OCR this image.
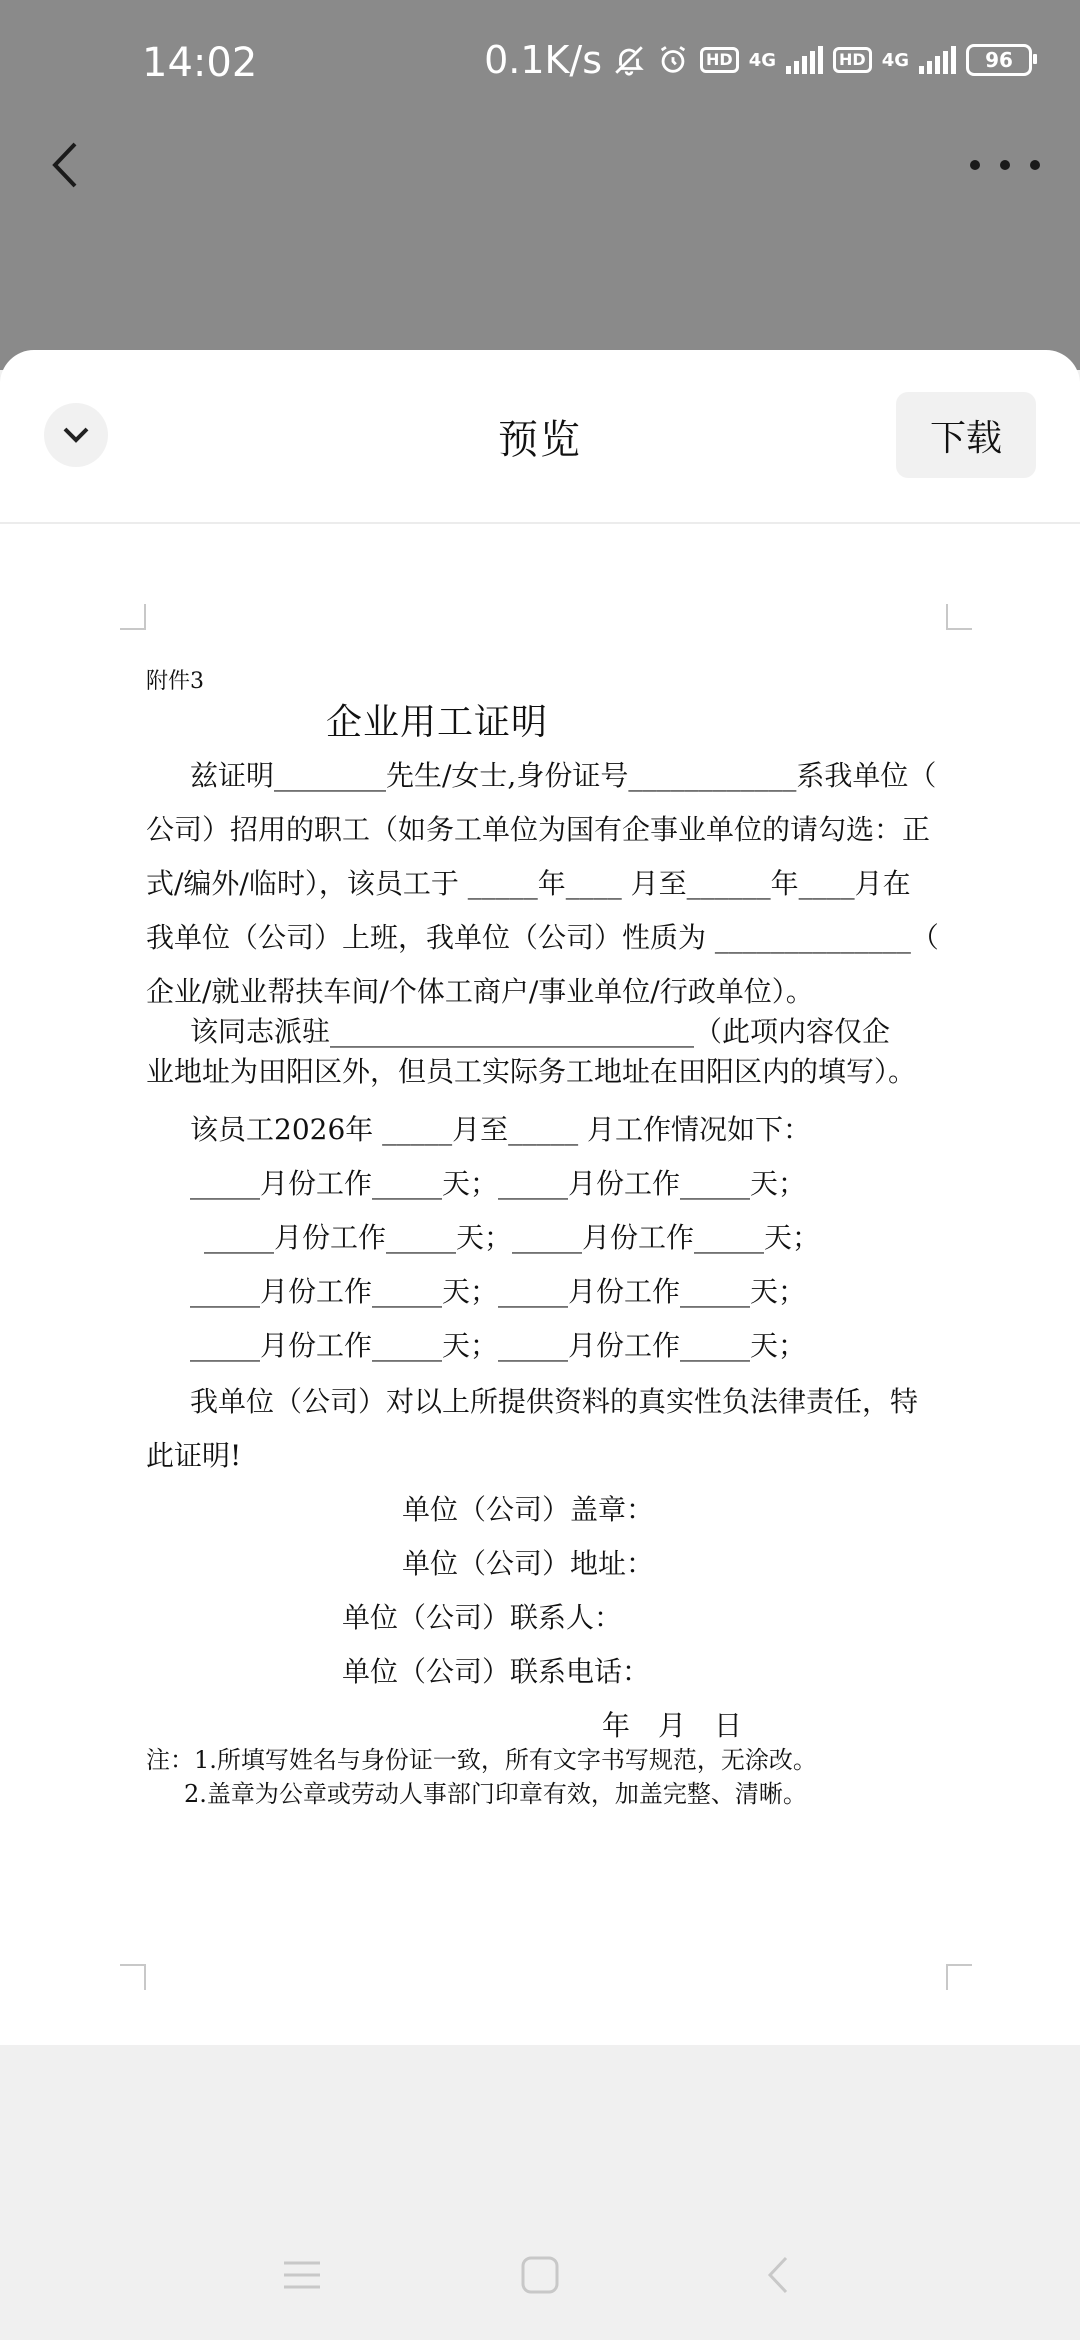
14:02	0.1K/s	HD 4G	HD 4G	96
预览	下载
附件3
企业用工证明
兹证明________先生/女士,身份证号____________系我单位（
公司）招用的职工（如务工单位为国有企事业单位的请勾选：正
式/编外/临时），该员工于 _____年____ 月至______年____月在
我单位（公司）上班，我单位（公司）性质为 ______________（
企业/就业帮扶车间/个体工商户/事业单位/行政单位）。
该同志派驻__________________________（此项内容仅企
业地址为田阳区外，但员工实际务工地址在田阳区内的填写）。
该员工2026年 _____月至_____ 月工作情况如下：
_____月份工作_____天；_____月份工作_____天；
_____月份工作_____天；_____月份工作_____天；
_____月份工作_____天；_____月份工作_____天；
_____月份工作_____天；_____月份工作_____天；
我单位（公司）对以上所提供资料的真实性负法律责任，特
此证明!
单位（公司）盖章：
单位（公司）地址：
单位（公司）联系人：
单位（公司）联系电话：
年　月　日
注：1.所填写姓名与身份证一致，所有文字书写规范，无涂改。
2.盖章为公章或劳动人事部门印章有效，加盖完整、清晰。
